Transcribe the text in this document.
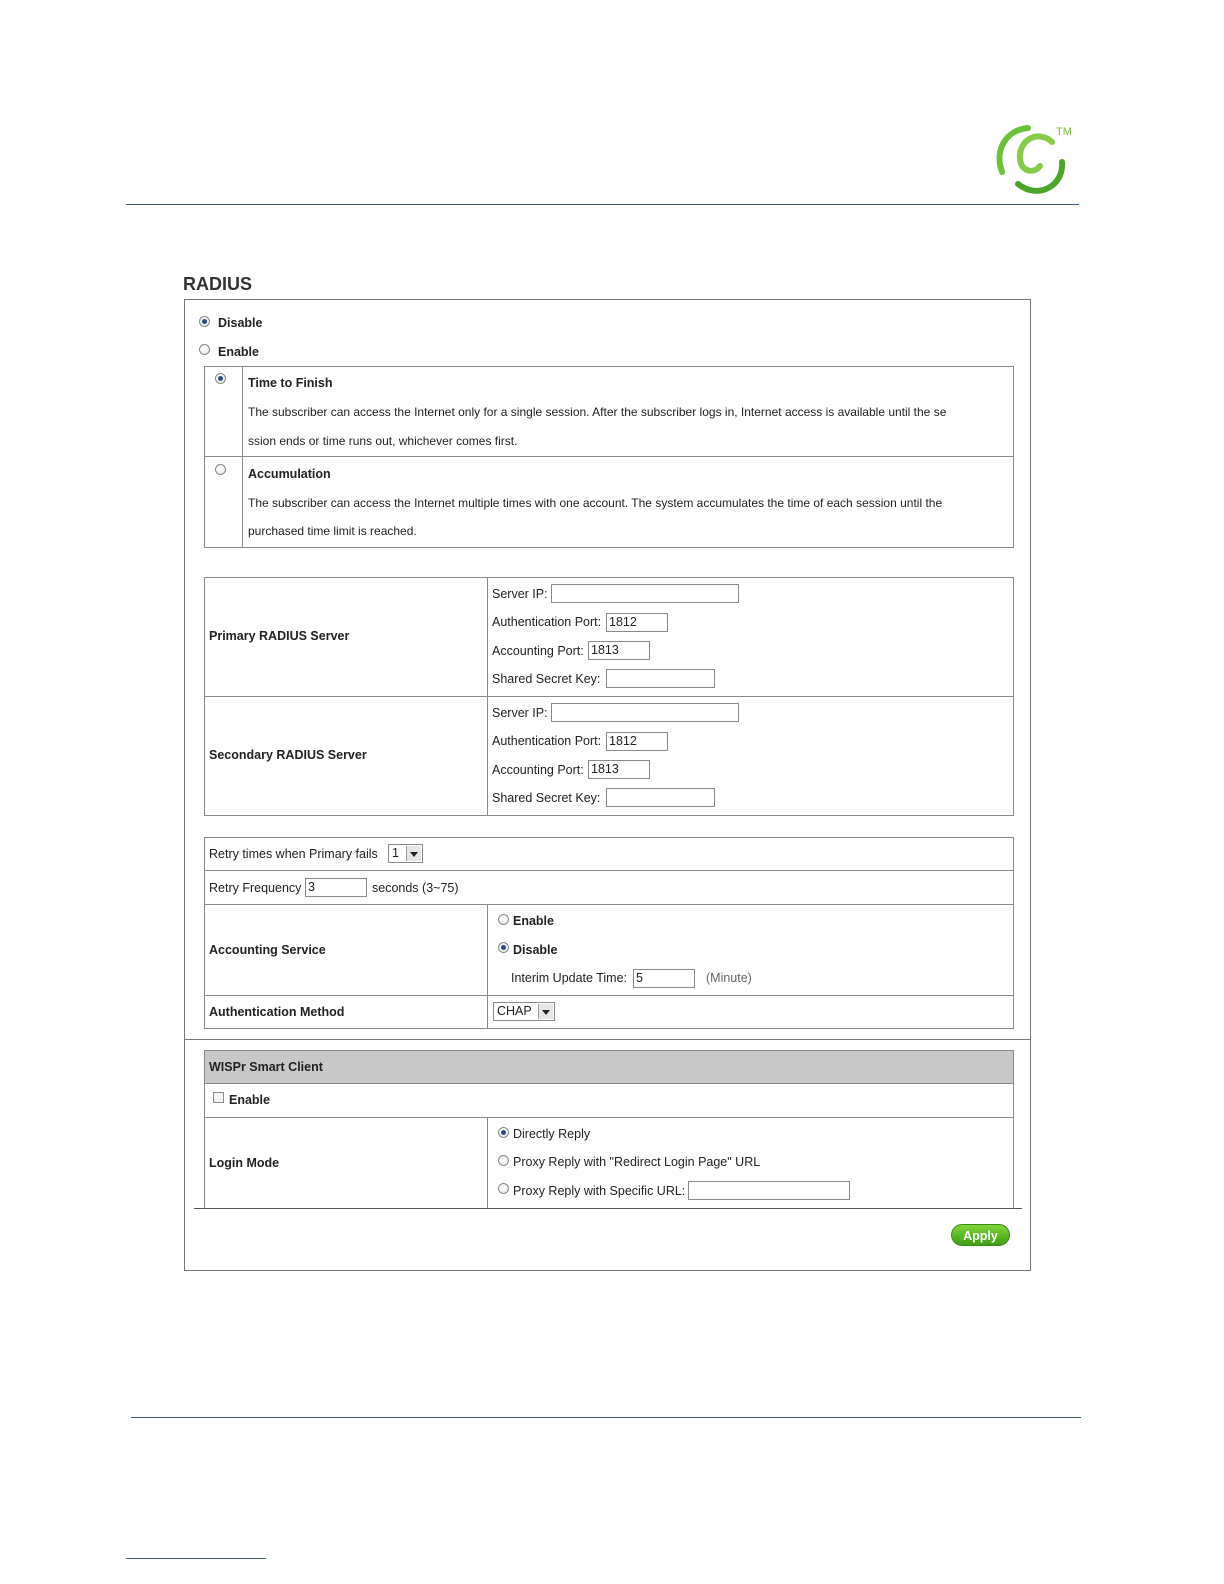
TM
RADIUS
Disable
Enable
Time to Finish
The subscriber can access the Internet only for a single session. After the subscriber logs in, Internet access is available until the se
ssion ends or time runs out, whichever comes first.
Accumulation
The subscriber can access the Internet multiple times with one account. The system accumulates the time of each session until the
purchased time limit is reached.
Primary RADIUS Server
Server IP:
Authentication Port: 1812
Accounting Port: 1813
Shared Secret Key:
Secondary RADIUS Server
Server IP:
Authentication Port: 1812
Accounting Port: 1813
Shared Secret Key:
Retry times when Primary fails	1
Retry Frequency 3	seconds (3~75)
Accounting Service
Enable
Disable
Interim Update Time: 5	(Minute)
Authentication Method	CHAP
WISPr Smart Client
Enable
Login Mode
Directly Reply
Proxy Reply with "Redirect Login Page" URL
Proxy Reply with Specific URL:
Apply
